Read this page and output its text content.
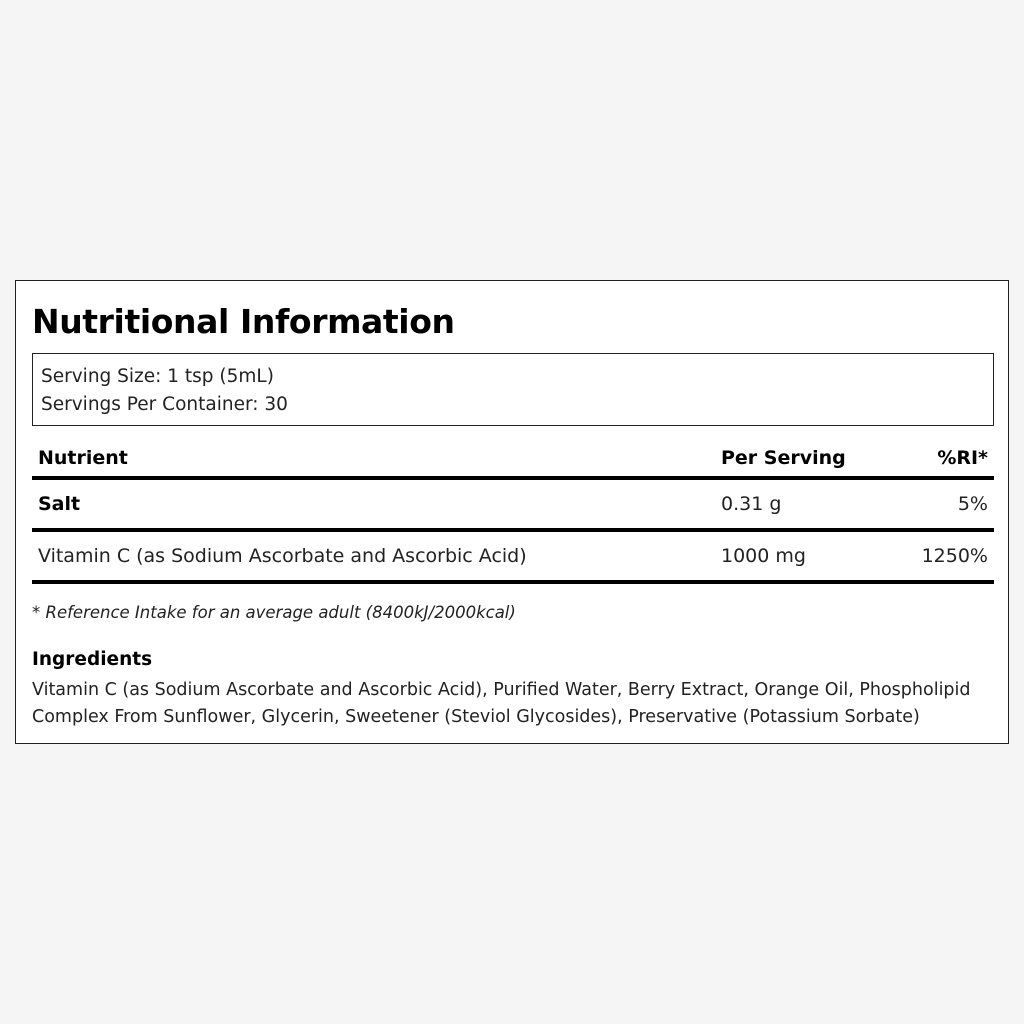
Nutritional Information
Serving Size: 1 tsp (5mL)
Servings Per Container: 30
Nutrient	Per Serving	%RI*
Salt	0.31 g	5%
Vitamin C (as Sodium Ascorbate and Ascorbic Acid)	1000 mg	1250%
* Reference Intake for an average adult (8400kJ/2000kcal)
Ingredients
Vitamin C (as Sodium Ascorbate and Ascorbic Acid), Purified Water, Berry Extract, Orange Oil, Phospholipid Complex From Sunflower, Glycerin, Sweetener (Steviol Glycosides), Preservative (Potassium Sorbate)
